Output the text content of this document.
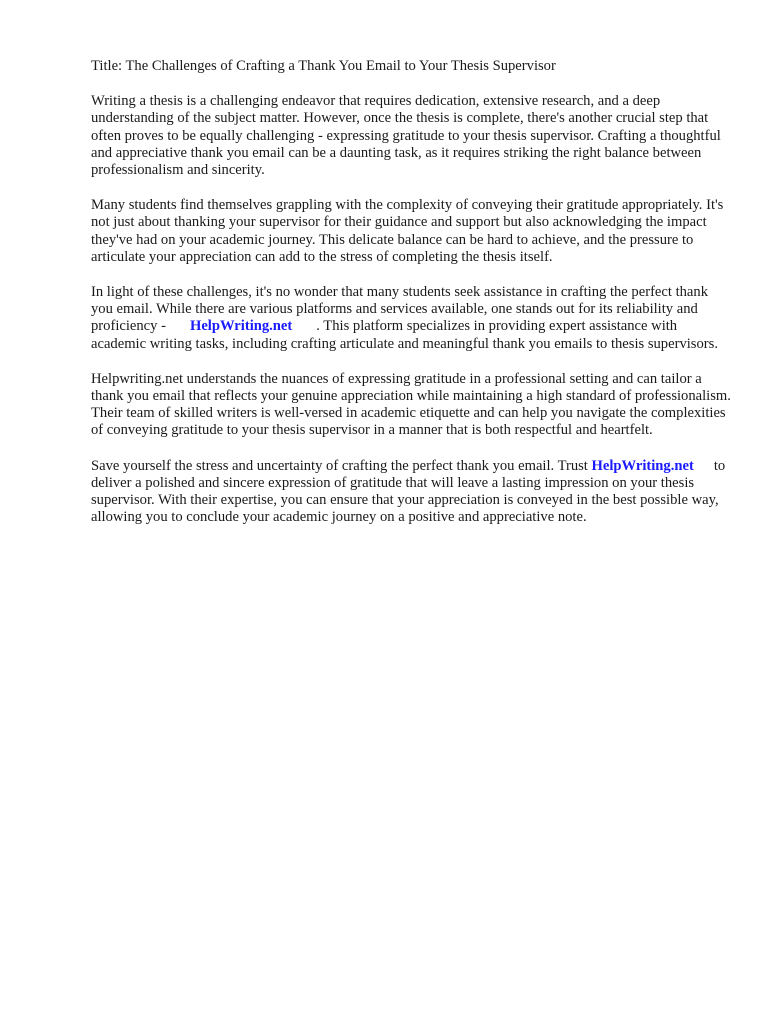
Title: The Challenges of Crafting a Thank You Email to Your Thesis Supervisor

Writing a thesis is a challenging endeavor that requires dedication, extensive research, and a deep understanding of the subject matter. However, once the thesis is complete, there's another crucial step that often proves to be equally challenging - expressing gratitude to your thesis supervisor. Crafting a thoughtful and appreciative thank you email can be a daunting task, as it requires striking the right balance between professionalism and sincerity.

Many students find themselves grappling with the complexity of conveying their gratitude appropriately. It's not just about thanking your supervisor for their guidance and support but also acknowledging the impact they've had on your academic journey. This delicate balance can be hard to achieve, and the pressure to articulate your appreciation can add to the stress of completing the thesis itself.

In light of these challenges, it's no wonder that many students seek assistance in crafting the perfect thank you email. While there are various platforms and services available, one stands out for its reliability and proficiency - HelpWriting.net . This platform specializes in providing expert assistance with academic writing tasks, including crafting articulate and meaningful thank you emails to thesis supervisors.

Helpwriting.net understands the nuances of expressing gratitude in a professional setting and can tailor a thank you email that reflects your genuine appreciation while maintaining a high standard of professionalism. Their team of skilled writers is well-versed in academic etiquette and can help you navigate the complexities of conveying gratitude to your thesis supervisor in a manner that is both respectful and heartfelt.

Save yourself the stress and uncertainty of crafting the perfect thank you email. Trust HelpWriting.net to deliver a polished and sincere expression of gratitude that will leave a lasting impression on your thesis supervisor. With their expertise, you can ensure that your appreciation is conveyed in the best possible way, allowing you to conclude your academic journey on a positive and appreciative note.
